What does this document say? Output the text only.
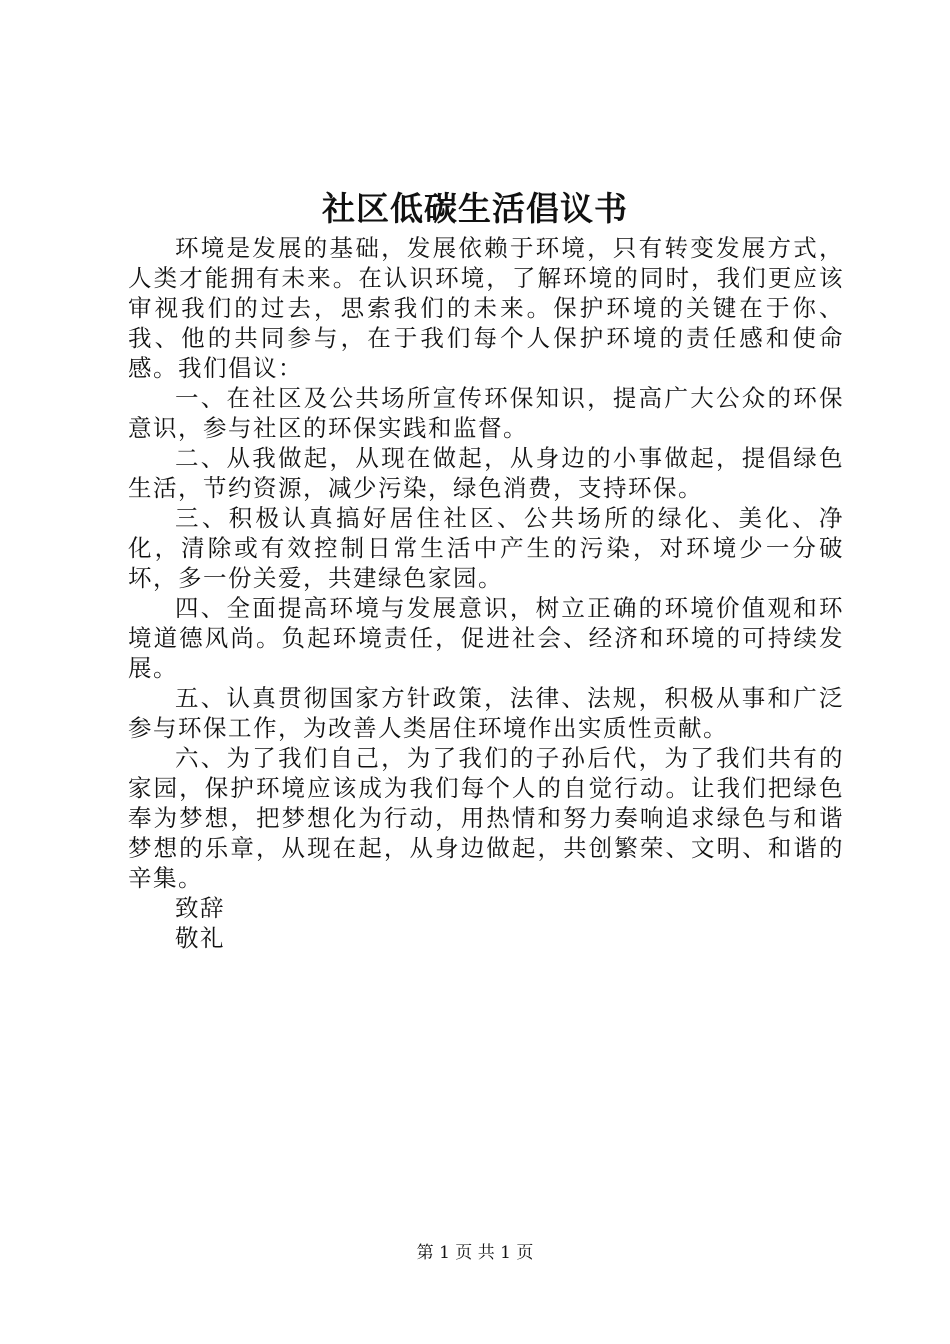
社区低碳生活倡议书

环境是发展的基础，发展依赖于环境，只有转变发展方式，人类才能拥有未来。在认识环境，了解环境的同时，我们更应该审视我们的过去，思索我们的未来。保护环境的关键在于你、我、他的共同参与，在于我们每个人保护环境的责任感和使命感。我们倡议：

一、在社区及公共场所宣传环保知识，提高广大公众的环保意识，参与社区的环保实践和监督。

二、从我做起，从现在做起，从身边的小事做起，提倡绿色生活，节约资源，减少污染，绿色消费，支持环保。

三、积极认真搞好居住社区、公共场所的绿化、美化、净化，清除或有效控制日常生活中产生的污染，对环境少一分破坏，多一份关爱，共建绿色家园。

四、全面提高环境与发展意识，树立正确的环境价值观和环境道德风尚。负起环境责任，促进社会、经济和环境的可持续发展。

五、认真贯彻国家方针政策，法律、法规，积极从事和广泛参与环保工作，为改善人类居住环境作出实质性贡献。

六、为了我们自己，为了我们的子孙后代，为了我们共有的家园，保护环境应该成为我们每个人的自觉行动。让我们把绿色奉为梦想，把梦想化为行动，用热情和努力奏响追求绿色与和谐梦想的乐章，从现在起，从身边做起，共创繁荣、文明、和谐的辛集。

致辞

敬礼

第 1 页 共 1 页
